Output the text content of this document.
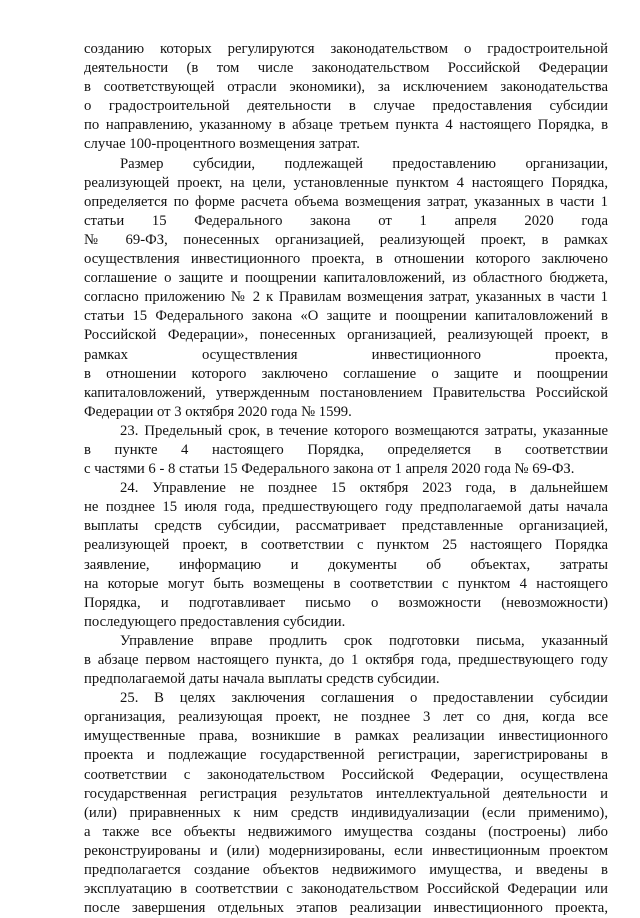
созданию которых регулируются законодательством о градостроительной
деятельности (в том числе законодательством Российской Федерации
в соответствующей отрасли экономики), за исключением законодательства
о градостроительной деятельности в случае предоставления субсидии
по направлению, указанному в абзаце третьем пункта 4 настоящего Порядка, в
случае 100-процентного возмещения затрат.
Размер субсидии, подлежащей предоставлению организации,
реализующей проект, на цели, установленные пунктом 4 настоящего Порядка,
определяется по форме расчета объема возмещения затрат, указанных в части 1
статьи 15 Федерального закона от 1 апреля 2020 года
№ 69-ФЗ, понесенных организацией, реализующей проект, в рамках
осуществления инвестиционного проекта, в отношении которого заключено
соглашение о защите и поощрении капиталовложений, из областного бюджета,
согласно приложению № 2 к Правилам возмещения затрат, указанных в части 1
статьи 15 Федерального закона «О защите и поощрении капиталовложений в
Российской Федерации», понесенных организацией, реализующей проект, в
рамках осуществления инвестиционного проекта,
в отношении которого заключено соглашение о защите и поощрении
капиталовложений, утвержденным постановлением Правительства Российской
Федерации от 3 октября 2020 года № 1599.
23. Предельный срок, в течение которого возмещаются затраты, указанные
в пункте 4 настоящего Порядка, определяется в соответствии
с частями 6 - 8 статьи 15 Федерального закона от 1 апреля 2020 года № 69-ФЗ.
24. Управление не позднее 15 октября 2023 года, в дальнейшем
не позднее 15 июля года, предшествующего году предполагаемой даты начала
выплаты средств субсидии, рассматривает представленные организацией,
реализующей проект, в соответствии с пунктом 25 настоящего Порядка
заявление, информацию и документы об объектах, затраты
на которые могут быть возмещены в соответствии с пунктом 4 настоящего
Порядка, и подготавливает письмо о возможности (невозможности)
последующего предоставления субсидии.
Управление вправе продлить срок подготовки письма, указанный
в абзаце первом настоящего пункта, до 1 октября года, предшествующего году
предполагаемой даты начала выплаты средств субсидии.
25. В целях заключения соглашения о предоставлении субсидии
организация, реализующая проект, не позднее 3 лет со дня, когда все
имущественные права, возникшие в рамках реализации инвестиционного
проекта и подлежащие государственной регистрации, зарегистрированы в
соответствии с законодательством Российской Федерации, осуществлена
государственная регистрация результатов интеллектуальной деятельности и
(или) приравненных к ним средств индивидуализации (если применимо),
а также все объекты недвижимого имущества созданы (построены) либо
реконструированы и (или) модернизированы, если инвестиционным проектом
предполагается создание объектов недвижимого имущества, и введены в
эксплуатацию в соответствии с законодательством Российской Федерации или
после завершения отдельных этапов реализации инвестиционного проекта,
